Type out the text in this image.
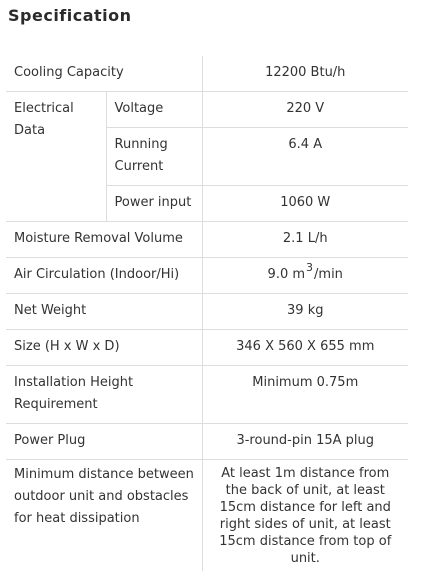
Specification
Cooling Capacity		12200 Btu/h
Electrical Data	Voltage	220 V
	Running Current	6.4 A
	Power input	1060 W
Moisture Removal Volume		2.1 L/h
Air Circulation (Indoor/Hi)		9.0 $m^3/\min$
Net Weight		39 kg
Size (H x W x D)		346 X 560 X 655 mm
Installation Height Requirement		Minimum 0.75m
Power Plug		3-round-pin 15A plug
Minimum distance between outdoor unit and obstacles for heat dissipation		At least 1m distance from the back of unit, at least 15cm distance for left and right sides of unit, at least 15cm distance from top of unit.
